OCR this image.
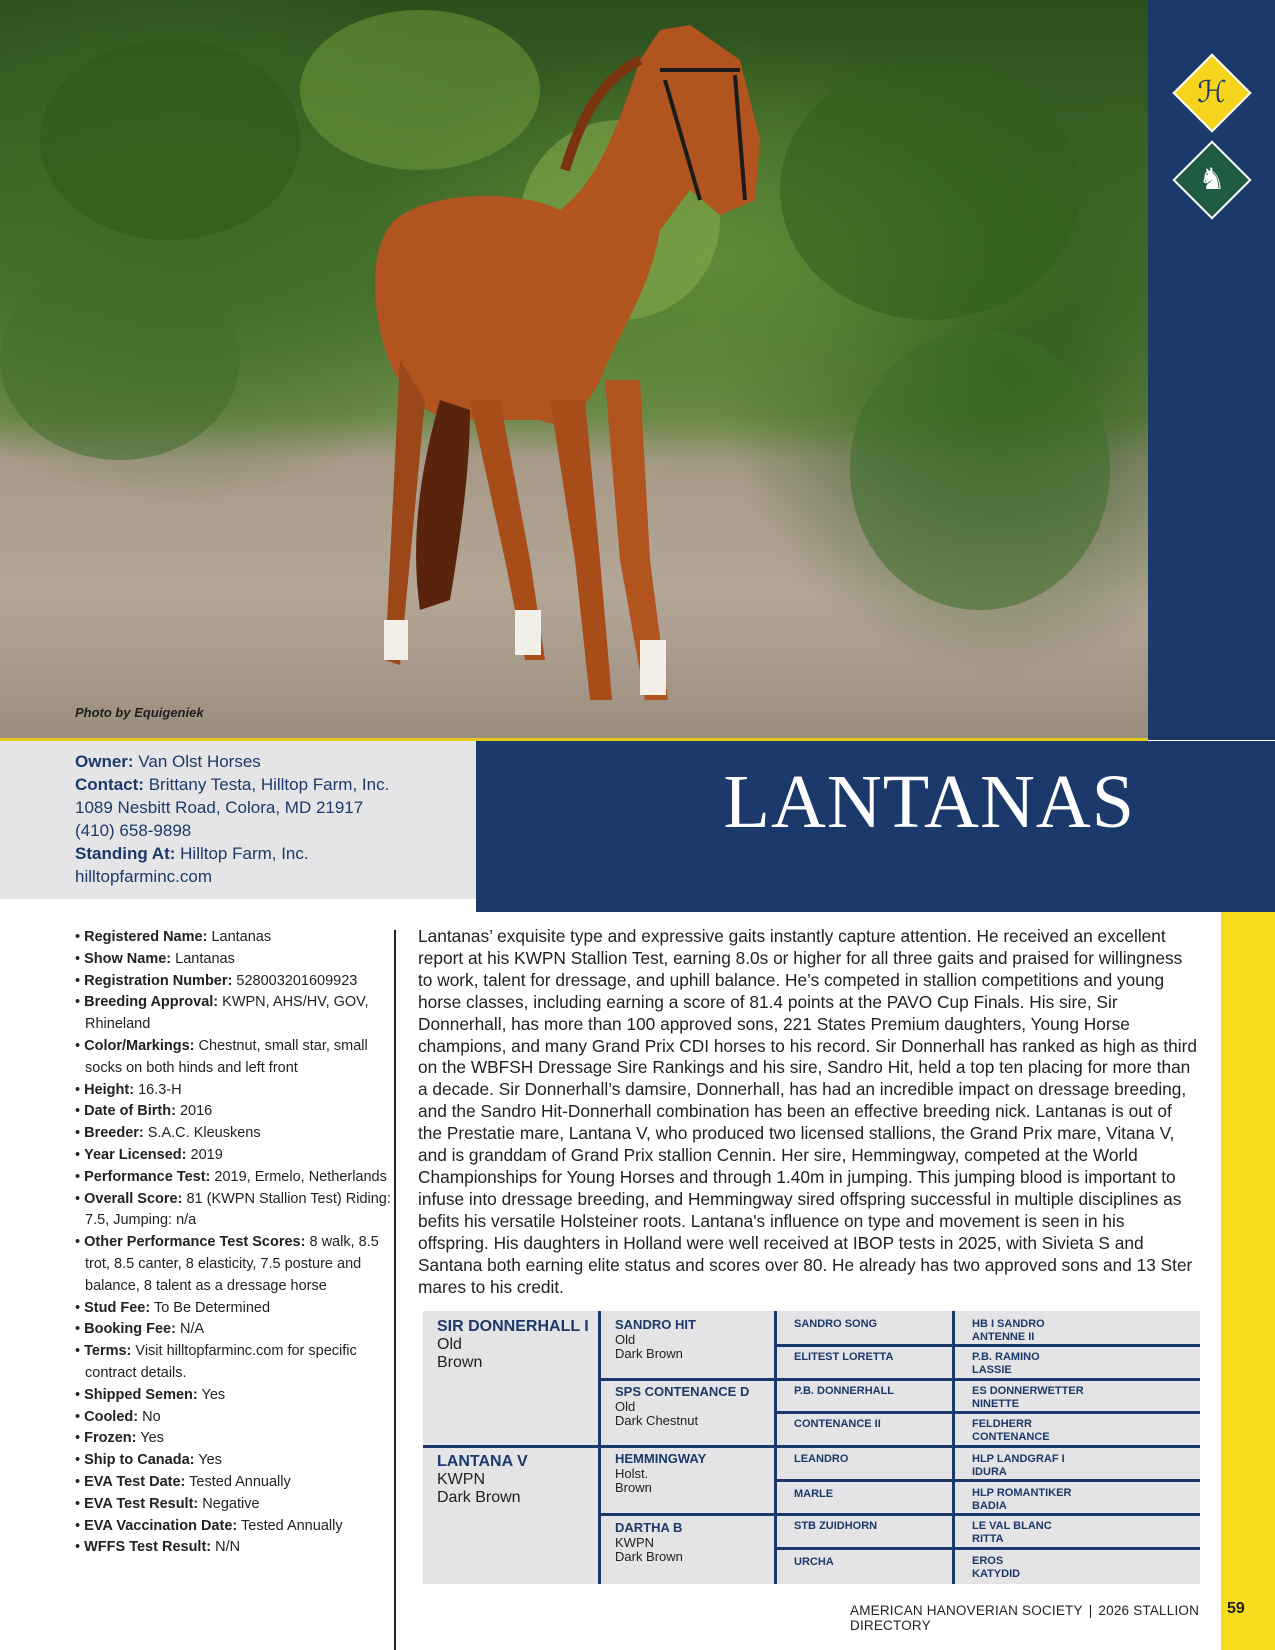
Photo by Equigeniek
ℋ
♞
Owner: Van Olst Horses
Contact: Brittany Testa, Hilltop Farm, Inc.
1089 Nesbitt Road, Colora, MD 21917
(410) 658-9898
Standing At: Hilltop Farm, Inc.
hilltopfarminc.com
LANTANAS
• Registered Name: Lantanas
• Show Name: Lantanas
• Registration Number: 528003201609923
• Breeding Approval: KWPN, AHS/HV, GOV, Rhineland
• Color/Markings: Chestnut, small star, small socks on both hinds and left front
• Height: 16.3-H
• Date of Birth: 2016
• Breeder: S.A.C. Kleuskens
• Year Licensed: 2019
• Performance Test: 2019, Ermelo, Netherlands
• Overall Score: 81 (KWPN Stallion Test) Riding: 7.5, Jumping: n/a
• Other Performance Test Scores: 8 walk, 8.5 trot, 8.5 canter, 8 elasticity, 7.5 posture and balance, 8 talent as a dressage horse
• Stud Fee: To Be Determined
• Booking Fee: N/A
• Terms: Visit hilltopfarminc.com for specific contract details.
• Shipped Semen: Yes
• Cooled: No
• Frozen: Yes
• Ship to Canada: Yes
• EVA Test Date: Tested Annually
• EVA Test Result: Negative
• EVA Vaccination Date: Tested Annually
• WFFS Test Result: N/N

Lantanas’ exquisite type and expressive gaits instantly capture attention. He received an excellent report at his KWPN Stallion Test, earning 8.0s or higher for all three gaits and praised for willingness to work, talent for dressage, and uphill balance. He’s competed in stallion competitions and young horse classes, including earning a score of 81.4 points at the PAVO Cup Finals. His sire, Sir Donnerhall, has more than 100 approved sons, 221 States Premium daughters, Young Horse champions, and many Grand Prix CDI horses to his record. Sir Donnerhall has ranked as high as third on the WBFSH Dressage Sire Rankings and his sire, Sandro Hit, held a top ten placing for more than a decade. Sir Donnerhall’s damsire, Donnerhall, has had an incredible impact on dressage breeding, and the Sandro Hit-Donnerhall combination has been an effective breeding nick. Lantanas is out of the Prestatie mare, Lantana V, who produced two licensed stallions, the Grand Prix mare, Vitana V, and is granddam of Grand Prix stallion Cennin. Her sire, Hemmingway, competed at the World Championships for Young Horses and through 1.40m in jumping. This jumping blood is important to infuse into dressage breeding, and Hemmingway sired offspring successful in multiple disciplines as befits his versatile Holsteiner roots. Lantana's influence on type and movement is seen in his offspring. His daughters in Holland were well received at IBOP tests in 2025, with Sivieta S and Santana both earning elite status and scores over 80. He already has two approved sons and 13 Ster mares to his credit.

SIR DONNERHALL I
Old
Brown
LANTANA V
KWPN
Dark Brown
SANDRO HIT
Old
Dark Brown
SPS CONTENANCE D
Old
Dark Chestnut
HEMMINGWAY
Holst.
Brown
DARTHA B
KWPN
Dark Brown
SANDRO SONG
ELITEST LORETTA
P.B. DONNERHALL
CONTENANCE II
LEANDRO
MARLE
STB ZUIDHORN
URCHA
HB I SANDRO
ANTENNE II
P.B. RAMINO
LASSIE
ES DONNERWETTER
NINETTE
FELDHERR
CONTENANCE
HLP LANDGRAF I
IDURA
HLP ROMANTIKER
BADIA
LE VAL BLANC
RITTA
EROS
KATYDID
AMERICAN HANOVERIAN SOCIETY | 2026 STALLION DIRECTORY
59
